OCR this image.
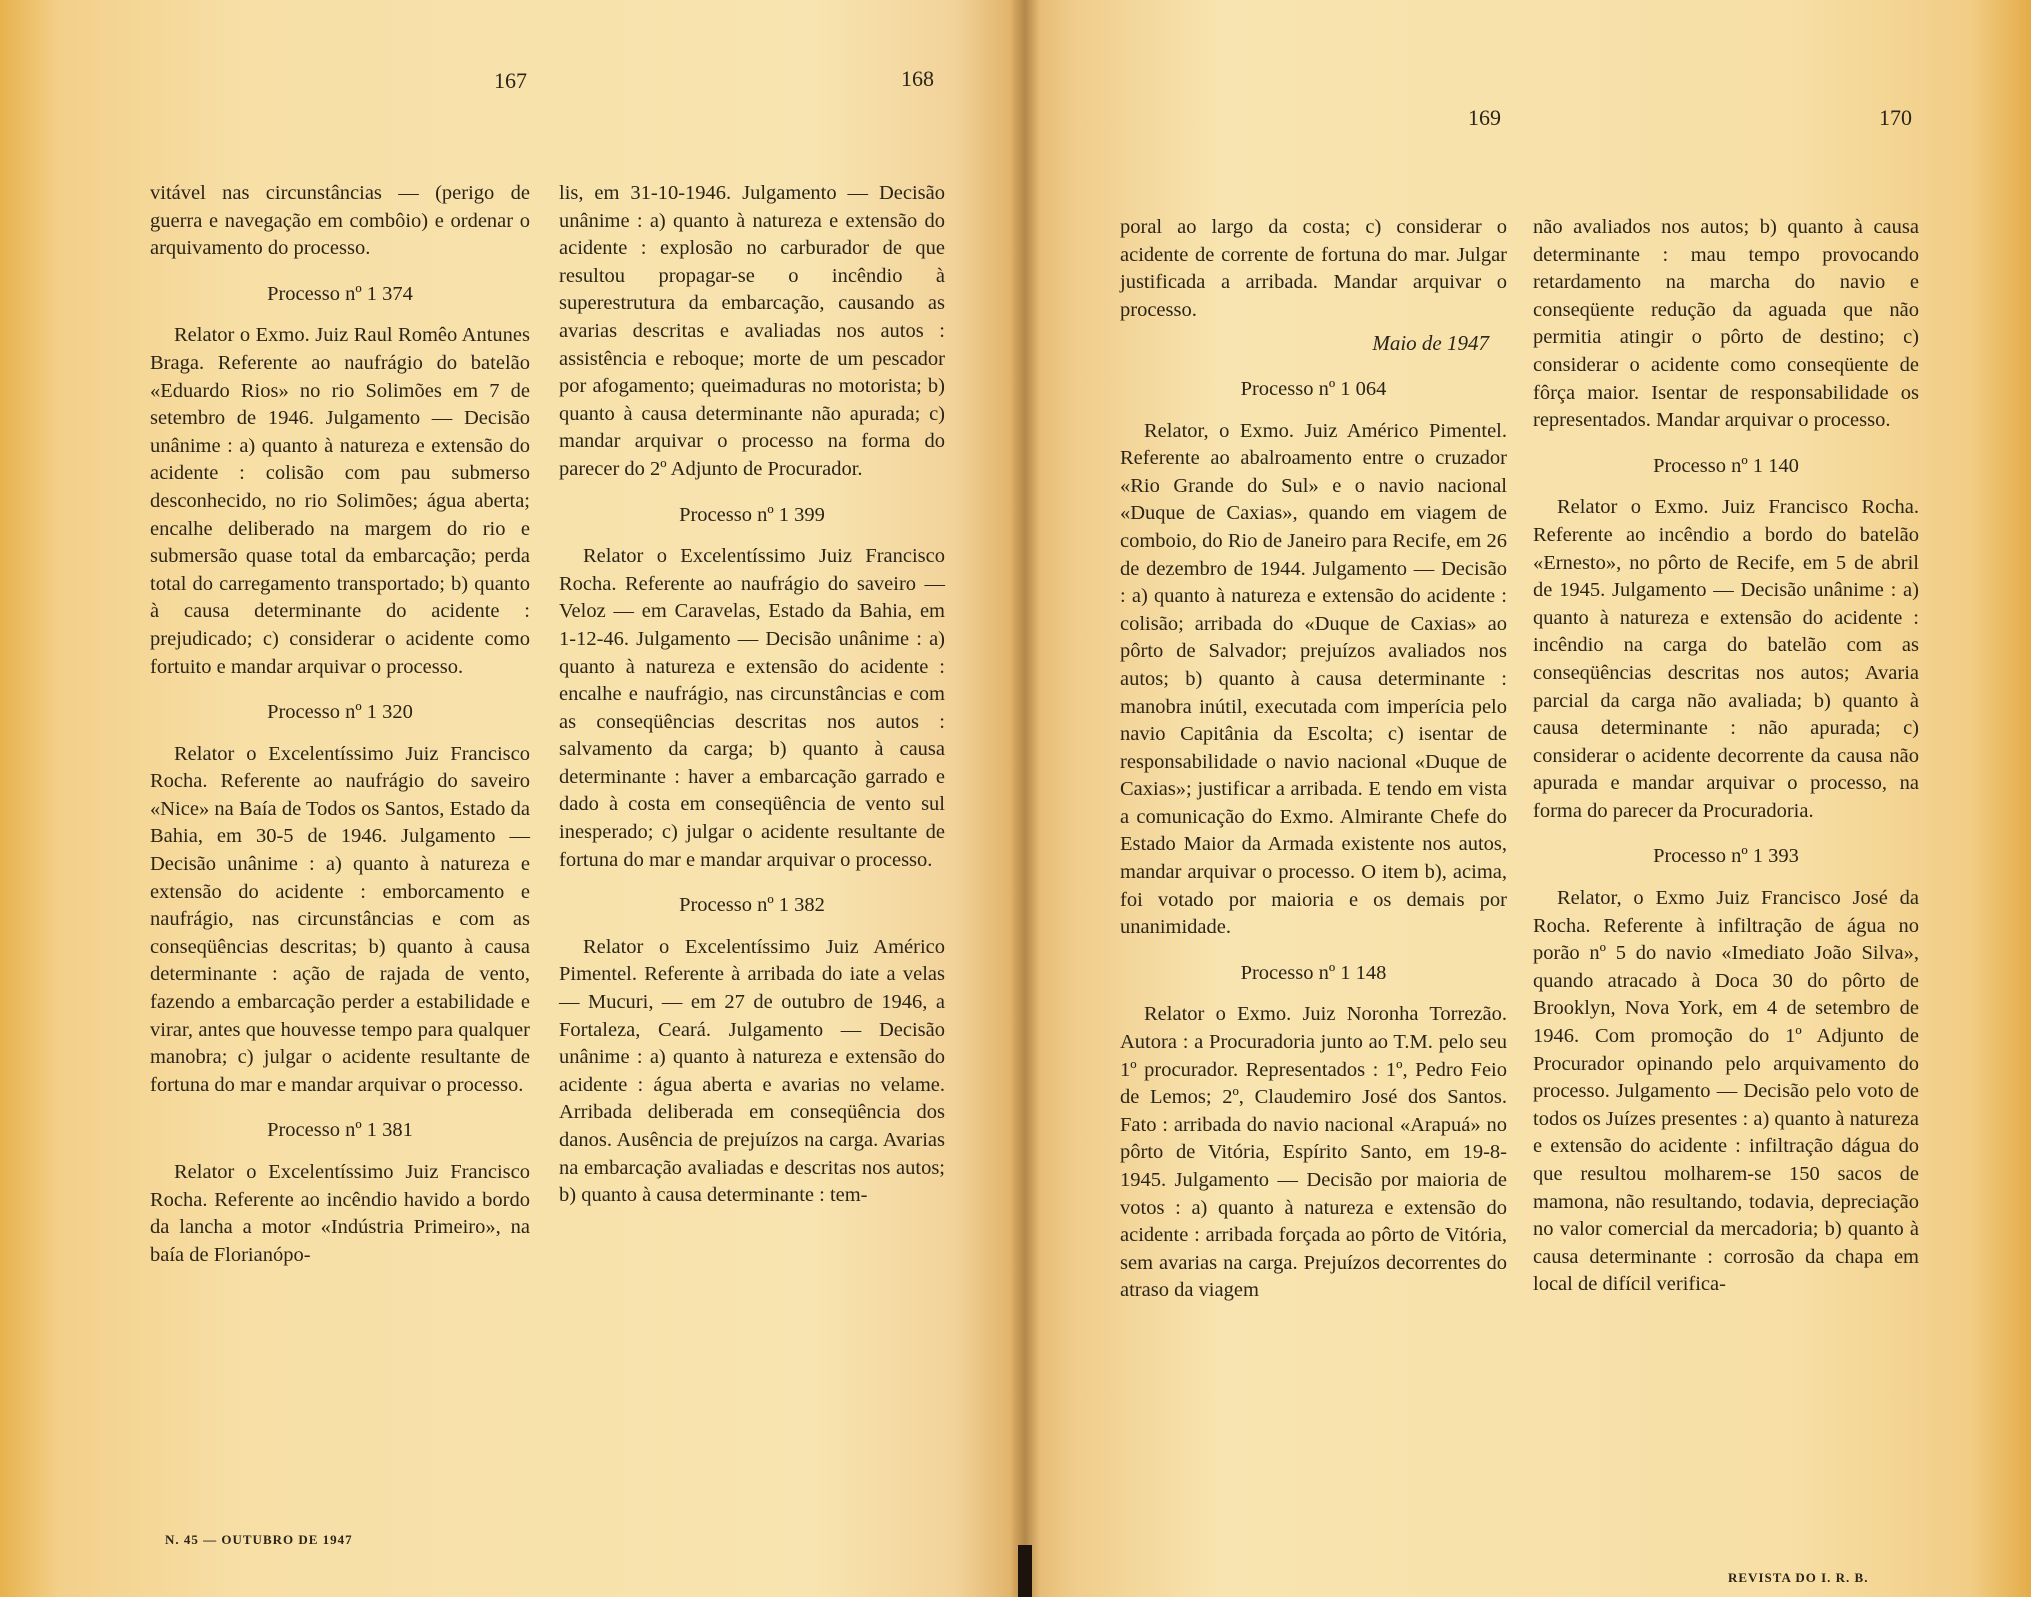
167	168

vitável nas circunstâncias — (perigo de guerra e navegação em combôio) e ordenar o arquivamento do processo.

Processo nº 1 374

Relator o Exmo. Juiz Raul Romêo Antunes Braga. Referente ao naufrágio do batelão «Eduardo Rios» no rio Solimões em 7 de setembro de 1946. Julgamento — Decisão unânime : a) quanto à natureza e extensão do acidente : colisão com pau submerso desconhecido, no rio Solimões; água aberta; encalhe deliberado na margem do rio e submersão quase total da embarcação; perda total do carregamento transportado; b) quanto à causa determinante do acidente : prejudicado; c) considerar o acidente como fortuito e mandar arquivar o processo.

Processo nº 1 320

Relator o Excelentíssimo Juiz Francisco Rocha. Referente ao naufrágio do saveiro «Nice» na Baía de Todos os Santos, Estado da Bahia, em 30-5 de 1946. Julgamento — Decisão unânime : a) quanto à natureza e extensão do acidente : emborcamento e naufrágio, nas circunstâncias e com as conseqüências descritas; b) quanto à causa determinante : ação de rajada de vento, fazendo a embarcação perder a estabilidade e virar, antes que houvesse tempo para qualquer manobra; c) julgar o acidente resultante de fortuna do mar e mandar arquivar o processo.

Processo nº 1 381

Relator o Excelentíssimo Juiz Francisco Rocha. Referente ao incêndio havido a bordo da lancha a motor «Indústria Primeiro», na baía de Florianópo-

lis, em 31-10-1946. Julgamento — Decisão unânime : a) quanto à natureza e extensão do acidente : explosão no carburador de que resultou propagar-se o incêndio à superestrutura da embarcação, causando as avarias descritas e avaliadas nos autos : assistência e reboque; morte de um pescador por afogamento; queimaduras no motorista; b) quanto à causa determinante não apurada; c) mandar arquivar o processo na forma do parecer do 2º Adjunto de Procurador.

Processo nº 1 399

Relator o Excelentíssimo Juiz Francisco Rocha. Referente ao naufrágio do saveiro — Veloz — em Caravelas, Estado da Bahia, em 1-12-46. Julgamento — Decisão unânime : a) quanto à natureza e extensão do acidente : encalhe e naufrágio, nas circunstâncias e com as conseqüências descritas nos autos : salvamento da carga; b) quanto à causa determinante : haver a embarcação garrado e dado à costa em conseqüência de vento sul inesperado; c) julgar o acidente resultante de fortuna do mar e mandar arquivar o processo.

Processo nº 1 382

Relator o Excelentíssimo Juiz Américo Pimentel. Referente à arribada do iate a velas — Mucuri, — em 27 de outubro de 1946, a Fortaleza, Ceará. Julgamento — Decisão unânime : a) quanto à natureza e extensão do acidente : água aberta e avarias no velame. Arribada deliberada em conseqüência dos danos. Ausência de prejuízos na carga. Avarias na embarcação avaliadas e descritas nos autos; b) quanto à causa determinante : tem-

N. 45 — OUTUBRO DE 1947
169	170

poral ao largo da costa; c) considerar o acidente de corrente de fortuna do mar. Julgar justificada a arribada. Mandar arquivar o processo.

Maio de 1947

Processo nº 1 064

Relator, o Exmo. Juiz Américo Pimentel. Referente ao abalroamento entre o cruzador «Rio Grande do Sul» e o navio nacional «Duque de Caxias», quando em viagem de comboio, do Rio de Janeiro para Recife, em 26 de dezembro de 1944. Julgamento — Decisão : a) quanto à natureza e extensão do acidente : colisão; arribada do «Duque de Caxias» ao pôrto de Salvador; prejuízos avaliados nos autos; b) quanto à causa determinante : manobra inútil, executada com imperícia pelo navio Capitânia da Escolta; c) isentar de responsabilidade o navio nacional «Duque de Caxias»; justificar a arribada. E tendo em vista a comunicação do Exmo. Almirante Chefe do Estado Maior da Armada existente nos autos, mandar arquivar o processo. O item b), acima, foi votado por maioria e os demais por unanimidade.

Processo nº 1 148

Relator o Exmo. Juiz Noronha Torrezão. Autora : a Procuradoria junto ao T.M. pelo seu 1º procurador. Representados : 1º, Pedro Feio de Lemos; 2º, Claudemiro José dos Santos. Fato : arribada do navio nacional «Arapuá» no pôrto de Vitória, Espírito Santo, em 19-8-1945. Julgamento — Decisão por maioria de votos : a) quanto à natureza e extensão do acidente : arribada forçada ao pôrto de Vitória, sem avarias na carga. Prejuízos decorrentes do atraso da viagem

não avaliados nos autos; b) quanto à causa determinante : mau tempo provocando retardamento na marcha do navio e conseqüente redução da aguada que não permitia atingir o pôrto de destino; c) considerar o acidente como conseqüente de fôrça maior. Isentar de responsabilidade os representados. Mandar arquivar o processo.

Processo nº 1 140

Relator o Exmo. Juiz Francisco Rocha. Referente ao incêndio a bordo do batelão «Ernesto», no pôrto de Recife, em 5 de abril de 1945. Julgamento — Decisão unânime : a) quanto à natureza e extensão do acidente : incêndio na carga do batelão com as conseqüências descritas nos autos; Avaria parcial da carga não avaliada; b) quanto à causa determinante : não apurada; c) considerar o acidente decorrente da causa não apurada e mandar arquivar o processo, na forma do parecer da Procuradoria.

Processo nº 1 393

Relator, o Exmo Juiz Francisco José da Rocha. Referente à infiltração de água no porão nº 5 do navio «Imediato João Silva», quando atracado à Doca 30 do pôrto de Brooklyn, Nova York, em 4 de setembro de 1946. Com promoção do 1º Adjunto de Procurador opinando pelo arquivamento do processo. Julgamento — Decisão pelo voto de todos os Juízes presentes : a) quanto à natureza e extensão do acidente : infiltração dágua do que resultou molharem-se 150 sacos de mamona, não resultando, todavia, depreciação no valor comercial da mercadoria; b) quanto à causa determinante : corrosão da chapa em local de difícil verifica-

REVISTA DO I. R. B.
